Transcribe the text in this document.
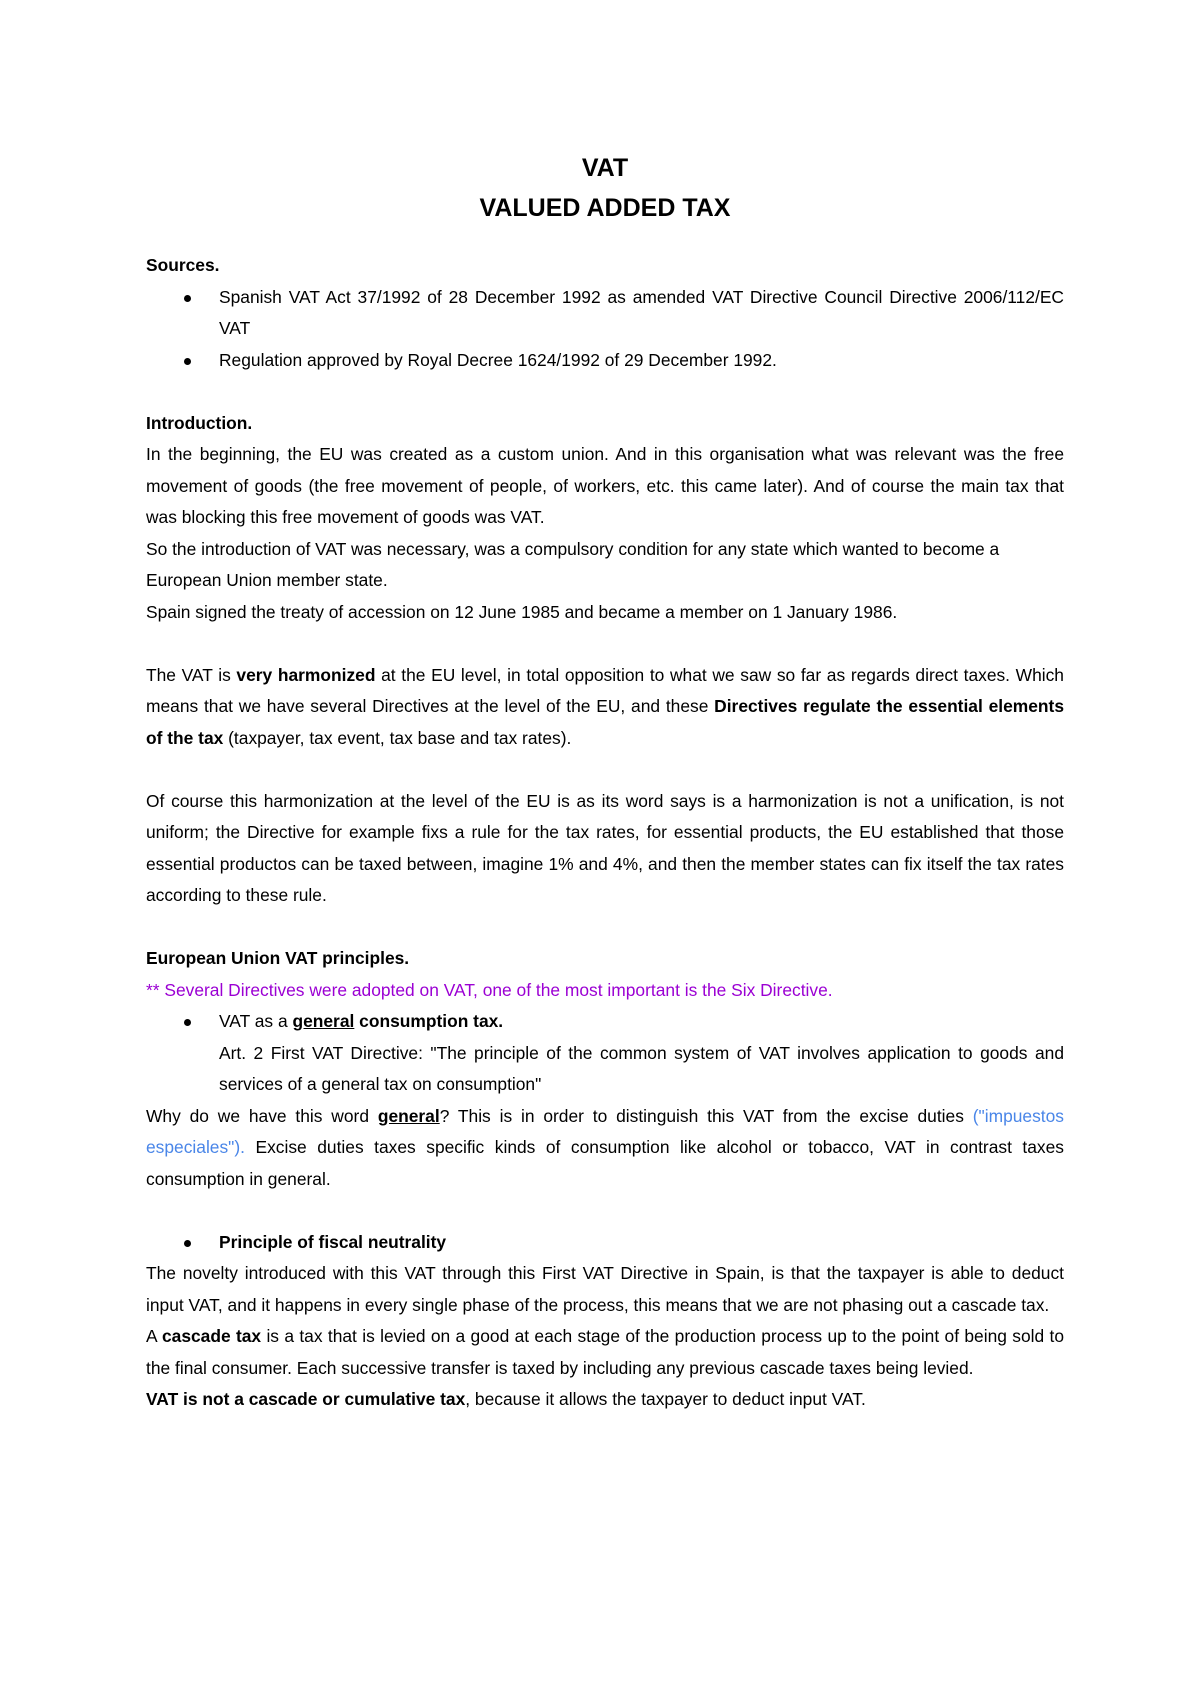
VAT
VALUED ADDED TAX

Sources.

Spanish VAT Act 37/1992 of 28 December 1992 as amended VAT Directive Council Directive 2006/112/EC VAT
Regulation approved by Royal Decree 1624/1992 of 29 December 1992.

Introduction.

In the beginning, the EU was created as a custom union. And in this organisation what was relevant was the free movement of goods (the free movement of people, of workers, etc. this came later). And of course the main tax that was blocking this free movement of goods was VAT.

So the introduction of VAT was necessary, was a compulsory condition for any state which wanted to become a European Union member state.

Spain signed the treaty of accession on 12 June 1985 and became a member on 1 January 1986.

The VAT is very harmonized at the EU level, in total opposition to what we saw so far as regards direct taxes. Which means that we have several Directives at the level of the EU, and these Directives regulate the essential elements of the tax (taxpayer, tax event, tax base and tax rates).

Of course this harmonization at the level of the EU is as its word says is a harmonization is not a unification, is not uniform; the Directive for example fixs a rule for the tax rates, for essential products, the EU established that those essential productos can be taxed between, imagine 1% and 4%, and then the member states can fix itself the tax rates according to these rule.

European Union VAT principles.

** Several Directives were adopted on VAT, one of the most important is the Six Directive.

VAT as a general consumption tax.

Art. 2 First VAT Directive: "The principle of the common system of VAT involves application to goods and services of a general tax on consumption"

Why do we have this word general? This is in order to distinguish this VAT from the excise duties ("impuestos especiales"). Excise duties taxes specific kinds of consumption like alcohol or tobacco, VAT in contrast taxes consumption in general.

Principle of fiscal neutrality

The novelty introduced with this VAT through this First VAT Directive in Spain, is that the taxpayer is able to deduct input VAT, and it happens in every single phase of the process, this means that we are not phasing out a cascade tax.

A cascade tax is a tax that is levied on a good at each stage of the production process up to the point of being sold to the final consumer. Each successive transfer is taxed by including any previous cascade taxes being levied.

VAT is not a cascade or cumulative tax, because it allows the taxpayer to deduct input VAT.
